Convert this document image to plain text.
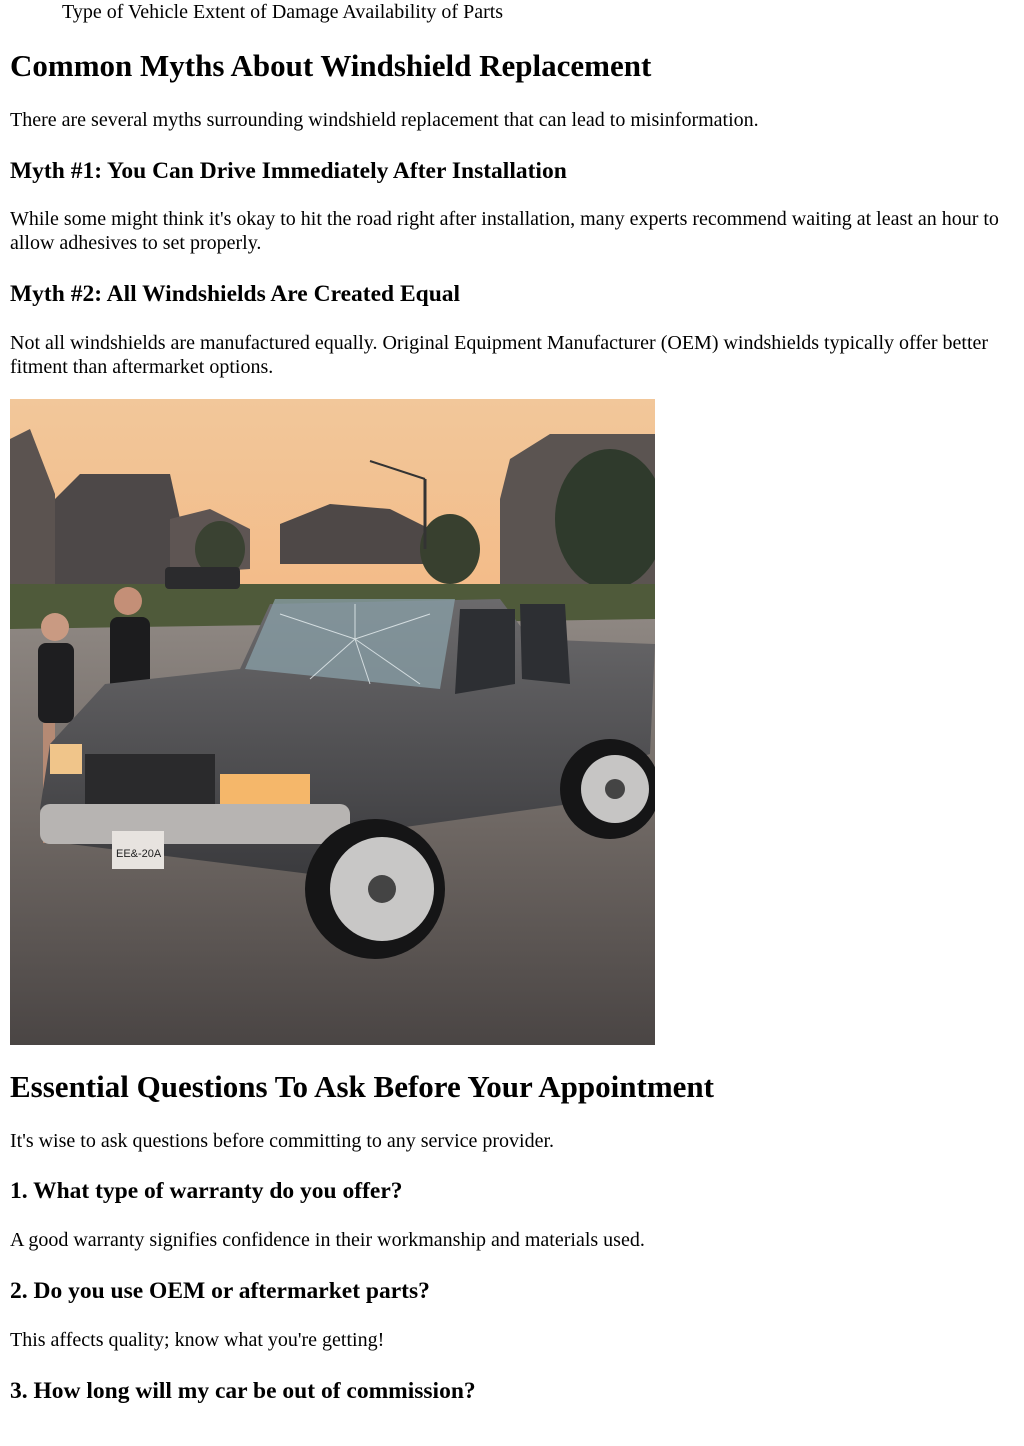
Type of Vehicle Extent of Damage Availability of Parts
Common Myths About Windshield Replacement

There are several myths surrounding windshield replacement that can lead to misinformation.

Myth #1: You Can Drive Immediately After Installation

While some might think it's okay to hit the road right after installation, many experts recommend waiting at least an hour to allow adhesives to set properly.

Myth #2: All Windshields Are Created Equal

Not all windshields are manufactured equally. Original Equipment Manufacturer (OEM) windshields typically offer better fitment than aftermarket options.

EE&-20A
Essential Questions To Ask Before Your Appointment

It's wise to ask questions before committing to any service provider.

1. What type of warranty do you offer?

A good warranty signifies confidence in their workmanship and materials used.

2. Do you use OEM or aftermarket parts?

This affects quality; know what you're getting!

3. How long will my car be out of commission?
